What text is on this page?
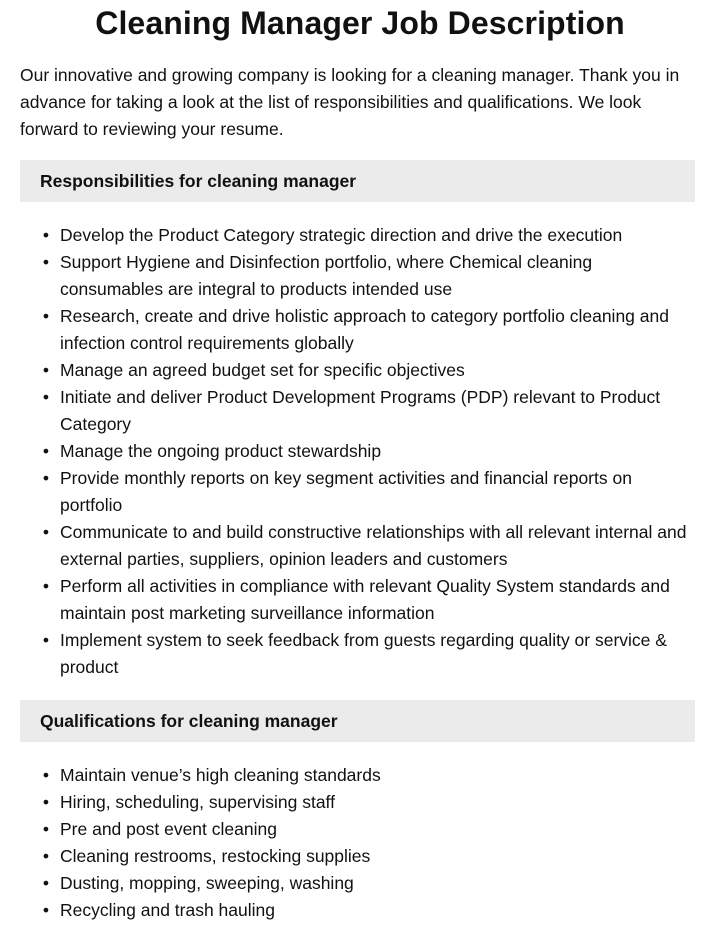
Cleaning Manager Job Description

Our innovative and growing company is looking for a cleaning manager. Thank you in advance for taking a look at the list of responsibilities and qualifications. We look forward to reviewing your resume.

Responsibilities for cleaning manager
• Develop the Product Category strategic direction and drive the execution
• Support Hygiene and Disinfection portfolio, where Chemical cleaning consumables are integral to products intended use
• Research, create and drive holistic approach to category portfolio cleaning and infection control requirements globally
• Manage an agreed budget set for specific objectives
• Initiate and deliver Product Development Programs (PDP) relevant to Product Category
• Manage the ongoing product stewardship
• Provide monthly reports on key segment activities and financial reports on portfolio
• Communicate to and build constructive relationships with all relevant internal and external parties, suppliers, opinion leaders and customers
• Perform all activities in compliance with relevant Quality System standards and maintain post marketing surveillance information
• Implement system to seek feedback from guests regarding quality or service & product
Qualifications for cleaning manager
• Maintain venue’s high cleaning standards
• Hiring, scheduling, supervising staff
• Pre and post event cleaning
• Cleaning restrooms, restocking supplies
• Dusting, mopping, sweeping, washing
• Recycling and trash hauling
